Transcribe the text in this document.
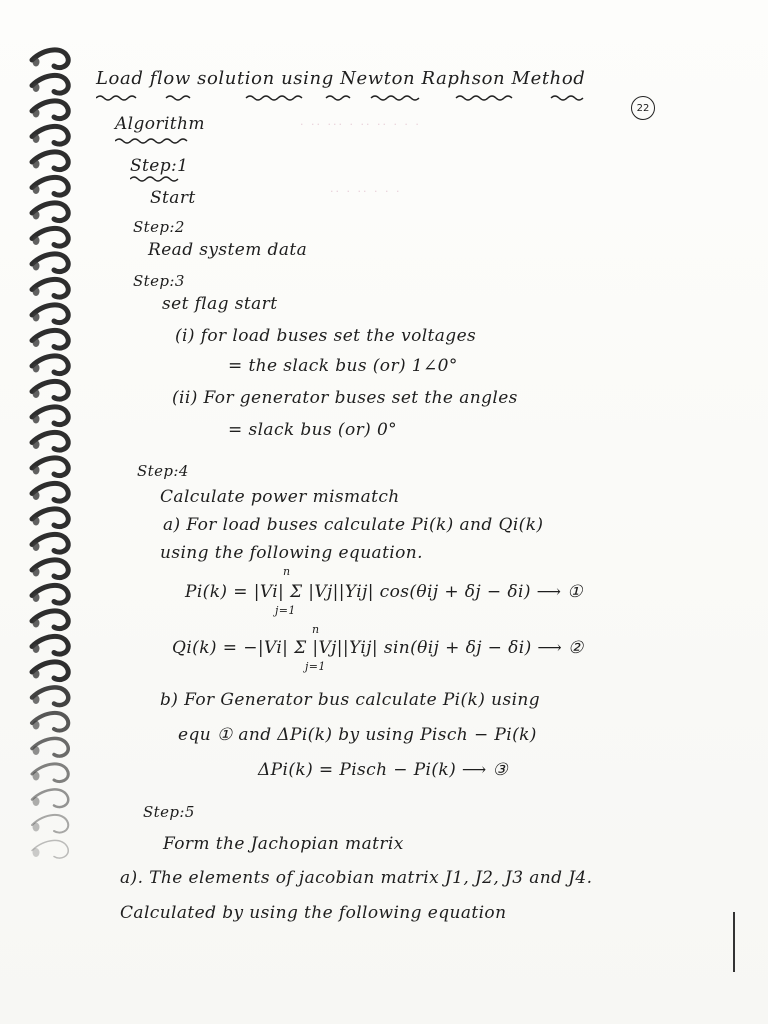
· ·· ··· · ·· ·· · · ·
·· · ·· · · ·
Load flow solution using Newton Raphson Method
22
Algorithm
Step:1
Start
Step:2
Read system data
Step:3
set flag start
(i) for load buses set the voltages
= the slack bus (or) 1∠0°
(ii) For generator buses set the angles
= slack bus (or) 0°
Step:4
Calculate power mismatch
a) For load buses calculate Pi(k) and Qi(k)
using the following equation.
Pi(k) = |Vi| Σ |Vj||Yij| cos(θij + δj − δi) ⟶ ①
n
j=1
Qi(k) = −|Vi| Σ |Vj||Yij| sin(θij + δj − δi) ⟶ ②
n
j=1
b) For Generator bus calculate Pi(k) using
equ ① and ΔPi(k) by using Pisch − Pi(k)
ΔPi(k) = Pisch − Pi(k) ⟶ ③
Step:5
Form the Jachopian matrix
a). The elements of jacobian matrix J1, J2, J3 and J4.
Calculated by using the following equation
